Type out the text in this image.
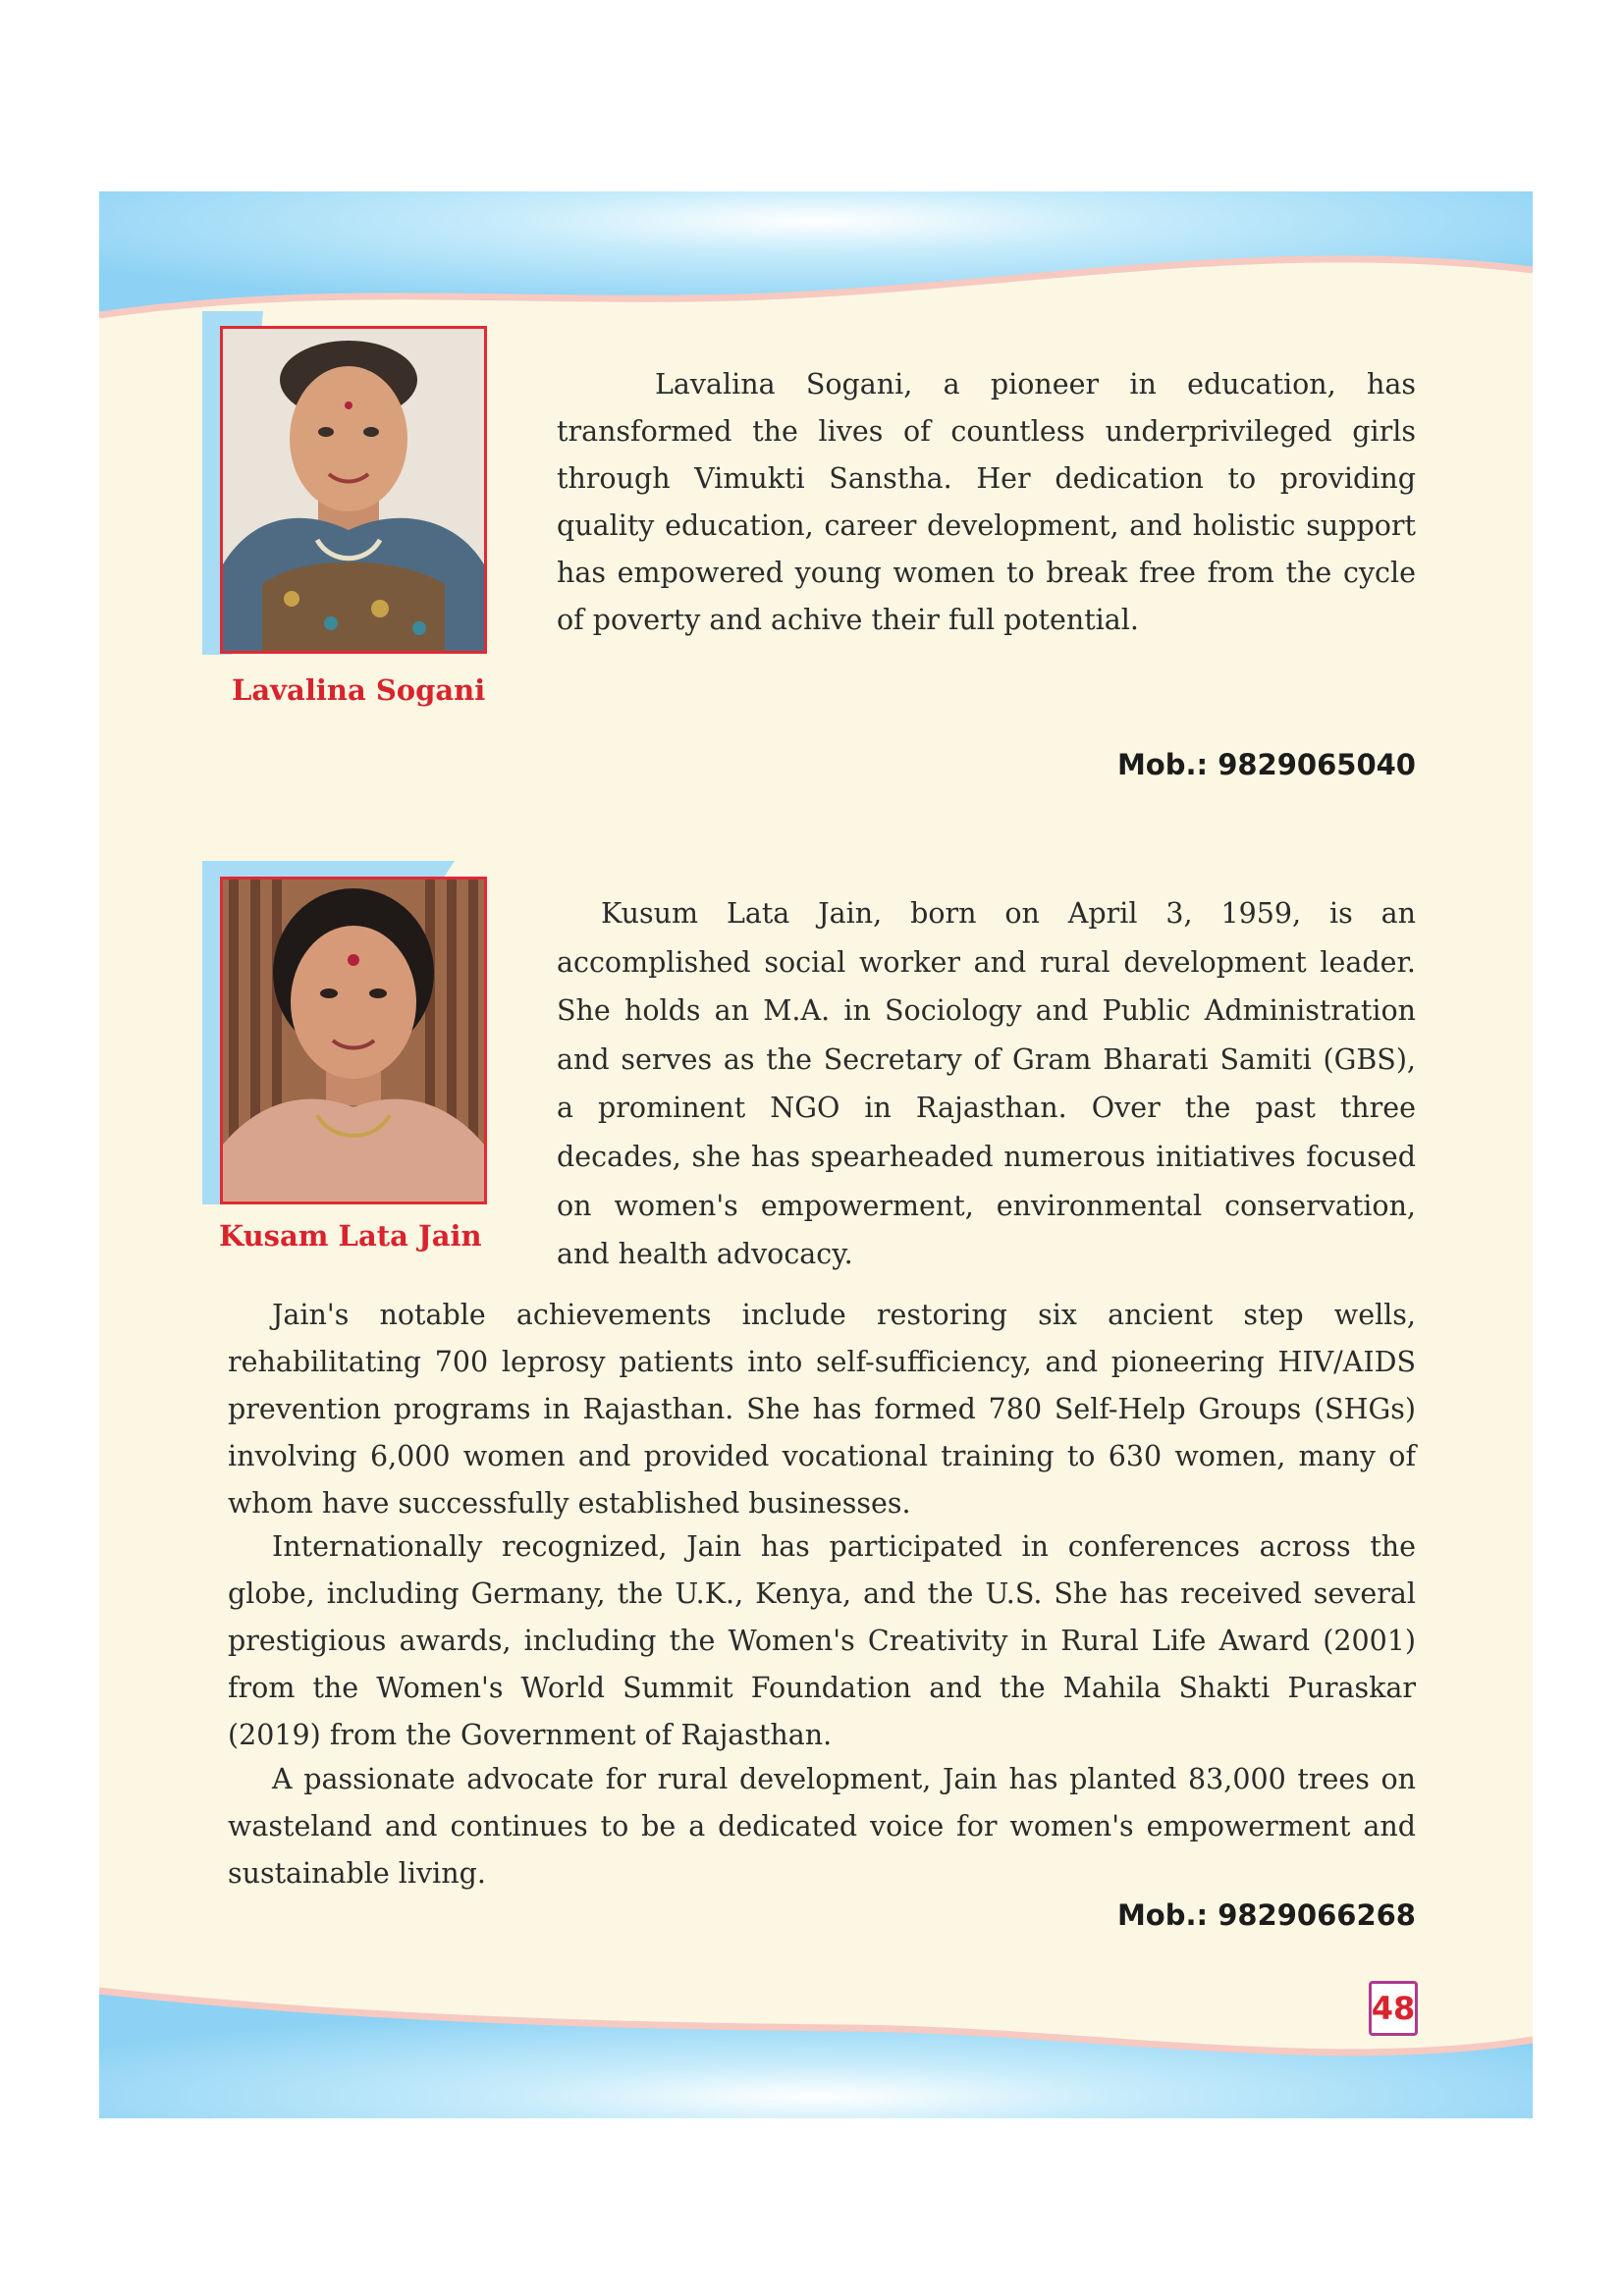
Lavalina Sogani

Lavalina Sogani, a pioneer in education, has transformed the lives of countless underprivileged girls through Vimukti Sanstha. Her dedication to providing quality education, career development, and holistic support has empowered young women to break free from the cycle of poverty and achive their full potential.

Mob.: 9829065040
Kusam Lata Jain

Kusum Lata Jain, born on April 3, 1959, is an accomplished social worker and rural development leader. She holds an M.A. in Sociology and Public Administration and serves as the Secretary of Gram Bharati Samiti (GBS), a prominent NGO in Rajasthan. Over the past three decades, she has spearheaded numerous initiatives focused on women's empowerment, environmental conservation, and health advocacy.

Jain's notable achievements include restoring six ancient step wells, rehabilitating 700 leprosy patients into self-sufficiency, and pioneering HIV/AIDS prevention programs in Rajasthan. She has formed 780 Self-Help Groups (SHGs) involving 6,000 women and provided vocational training to 630 women, many of whom have successfully established businesses.

Internationally recognized, Jain has participated in conferences across the globe, including Germany, the U.K., Kenya, and the U.S. She has received several prestigious awards, including the Women's Creativity in Rural Life Award (2001) from the Women's World Summit Foundation and the Mahila Shakti Puraskar (2019) from the Government of Rajasthan.

A passionate advocate for rural development, Jain has planted 83,000 trees on wasteland and continues to be a dedicated voice for women's empowerment and sustainable living.

Mob.: 9829066268
48
